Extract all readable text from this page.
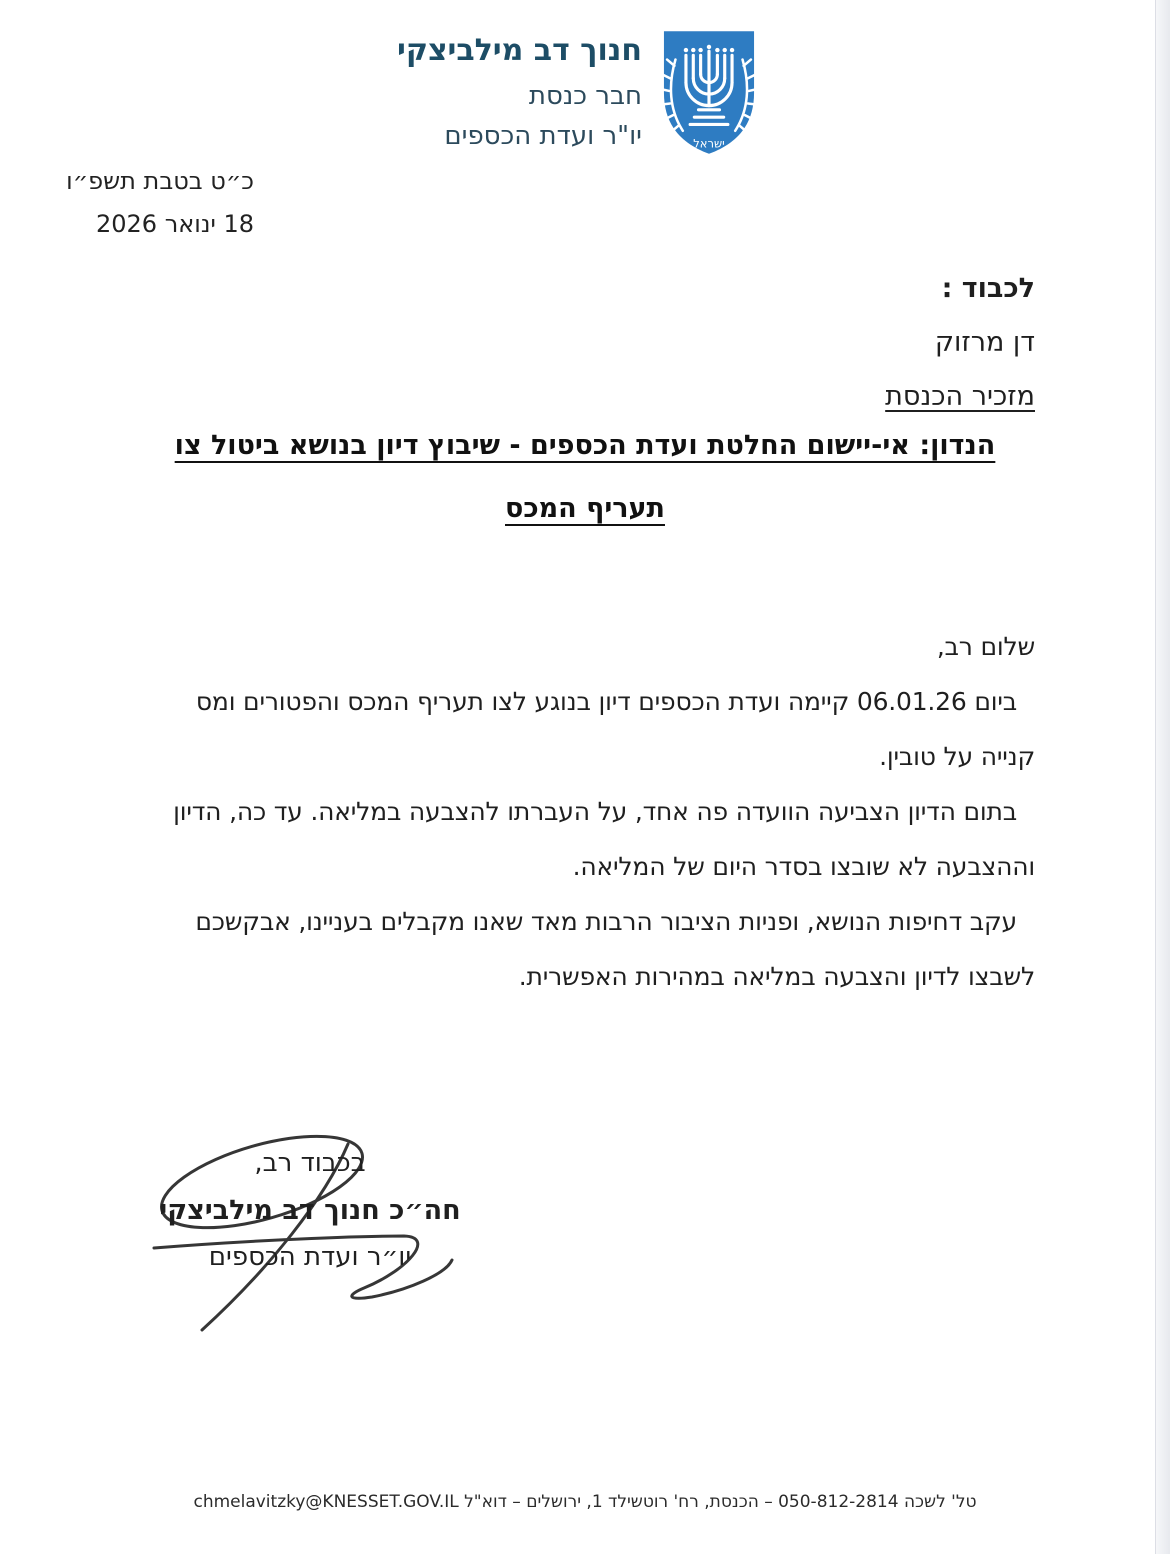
ישראל
חנוך דב מילביצקי
חבר כנסת
יו"ר ועדת הכספים
כ״ט בטבת תשפ״ו
18 ינואר 2026
לכבוד :
דן מרזוק
מזכיר הכנסת
הנדון: אי-יישום החלטת ועדת הכספים - שיבוץ דיון בנושא ביטול צו
תעריף המכס
שלום רב,
ביום 06.01.26 קיימה ועדת הכספים דיון בנוגע לצו תעריף המכס והפטורים ומס
קנייה על טובין.
בתום הדיון הצביעה הוועדה פה אחד, על העברתו להצבעה במליאה. עד כה, הדיון
וההצבעה לא שובצו בסדר היום של המליאה.
עקב דחיפות הנושא, ופניות הציבור הרבות מאד שאנו מקבלים בעניינו, אבקשכם
לשבצו לדיון והצבעה במליאה במהירות האפשרית.
בכבוד רב,
חה״כ חנוך דב מילביצקי
יו״ר ועדת הכספים
טל' לשכה 050-812-2814 – הכנסת, רח' רוטשילד 1, ירושלים – דוא"ל chmelavitzky@KNESSET.GOV.IL
